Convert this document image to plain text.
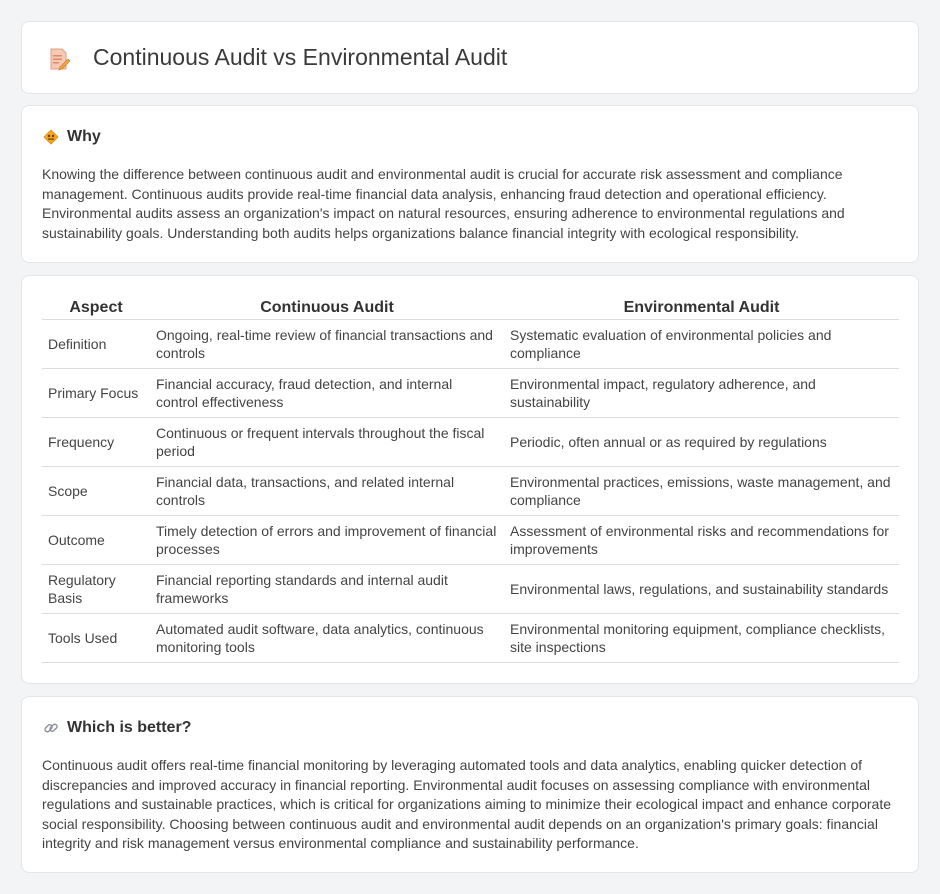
Continuous Audit vs Environmental Audit
Why

Knowing the difference between continuous audit and environmental audit is crucial for accurate risk assessment and compliance management. Continuous audits provide real-time financial data analysis, enhancing fraud detection and operational efficiency. Environmental audits assess an organization's impact on natural resources, ensuring adherence to environmental regulations and sustainability goals. Understanding both audits helps organizations balance financial integrity with ecological responsibility.

Aspect	Continuous Audit	Environmental Audit
Definition	Ongoing, real-time review of financial transactions and controls	Systematic evaluation of environmental policies and compliance
Primary Focus	Financial accuracy, fraud detection, and internal control effectiveness	Environmental impact, regulatory adherence, and sustainability
Frequency	Continuous or frequent intervals throughout the fiscal period	Periodic, often annual or as required by regulations
Scope	Financial data, transactions, and related internal controls	Environmental practices, emissions, waste management, and compliance
Outcome	Timely detection of errors and improvement of financial processes	Assessment of environmental risks and recommendations for improvements
Regulatory Basis	Financial reporting standards and internal audit frameworks	Environmental laws, regulations, and sustainability standards
Tools Used	Automated audit software, data analytics, continuous monitoring tools	Environmental monitoring equipment, compliance checklists, site inspections
Which is better?

Continuous audit offers real-time financial monitoring by leveraging automated tools and data analytics, enabling quicker detection of discrepancies and improved accuracy in financial reporting. Environmental audit focuses on assessing compliance with environmental regulations and sustainable practices, which is critical for organizations aiming to minimize their ecological impact and enhance corporate social responsibility. Choosing between continuous audit and environmental audit depends on an organization's primary goals: financial integrity and risk management versus environmental compliance and sustainability performance.
